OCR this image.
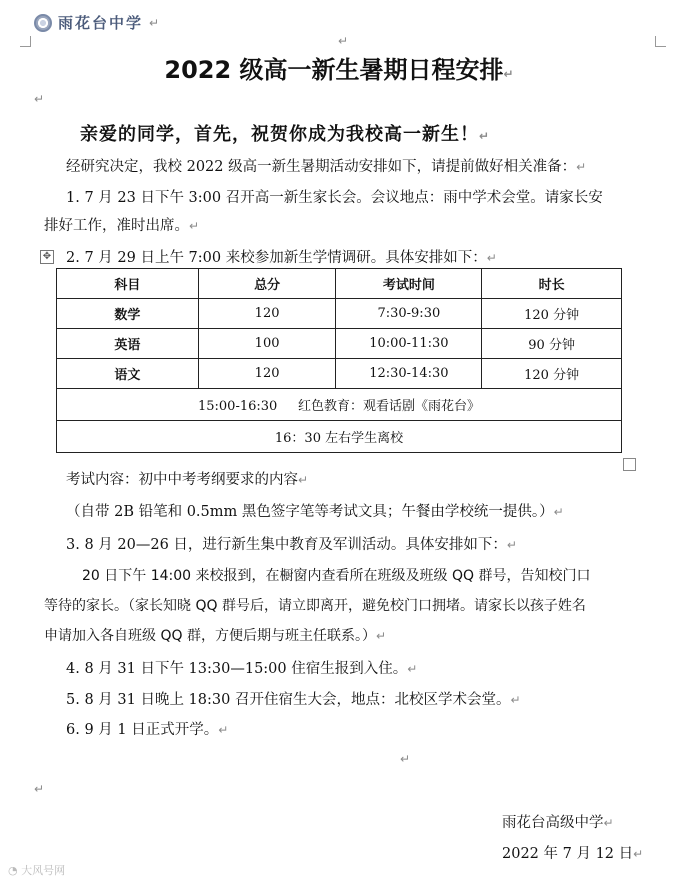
雨花台中学 ↵
↵
2022 级高一新生暑期日程安排↵
↵
亲爱的同学，首先，祝贺你成为我校高一新生！↵
经研究决定，我校 2022 级高一新生暑期活动安排如下，请提前做好相关准备：↵
1. 7 月 23 日下午 3:00 召开高一新生家长会。会议地点：雨中学术会堂。请家长安
排好工作，准时出席。↵
✥ 2. 7 月 29 日上午 7:00 来校参加新生学情调研。具体安排如下：↵
科目	总分	考试时间	时长
数学	120	7:30-9:30	120 分钟
英语	100	10:00-11:30	90 分钟
语文	120	12:30-14:30	120 分钟
15:00-16:30 红色教育：观看话剧《雨花台》			
16：30 左右学生离校			
考试内容：初中中考考纲要求的内容↵
（自带 2B 铅笔和 0.5mm 黑色签字笔等考试文具；午餐由学校统一提供。）↵
3. 8 月 20—26 日，进行新生集中教育及军训活动。具体安排如下：↵
20 日下午 14:00 来校报到，在橱窗内查看所在班级及班级 QQ 群号，告知校门口
等待的家长。（家长知晓 QQ 群号后，请立即离开，避免校门口拥堵。请家长以孩子姓名
申请加入各自班级 QQ 群，方便后期与班主任联系。）↵
4. 8 月 31 日下午 13:30—15:00 住宿生报到入住。↵
5. 8 月 31 日晚上 18:30 召开住宿生大会，地点：北校区学术会堂。↵
6. 9 月 1 日正式开学。↵
↵
↵
雨花台高级中学↵
2022 年 7 月 12 日↵
◔ 大风号网
